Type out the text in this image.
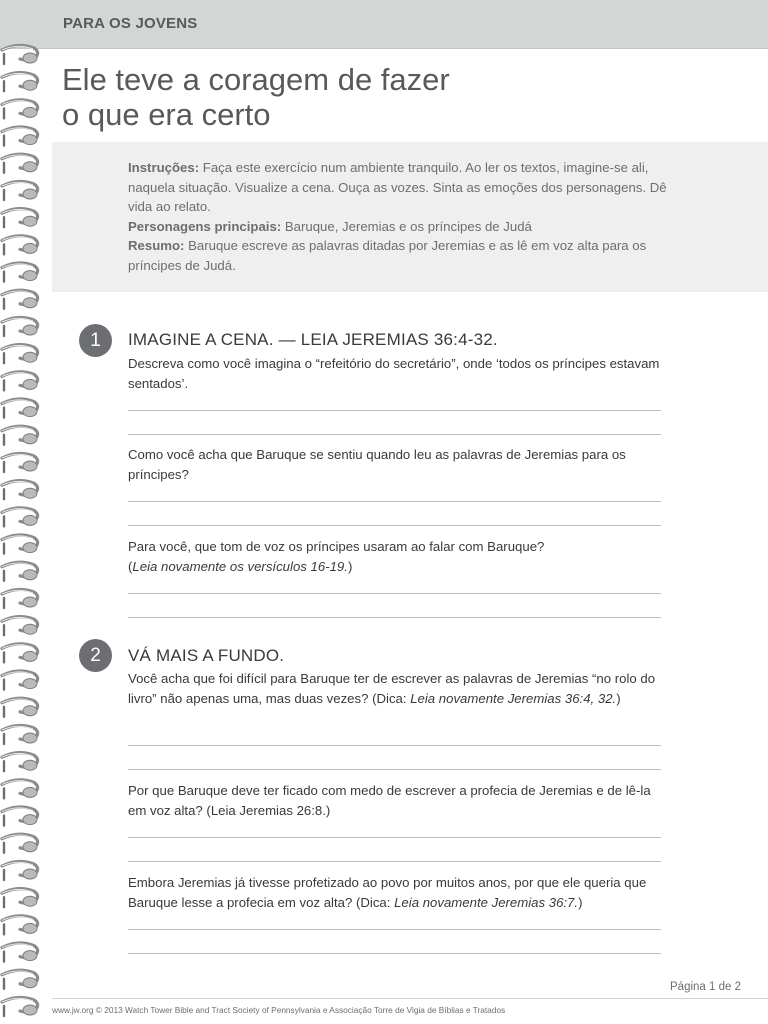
PARA OS JOVENS
Ele teve a coragem de fazer
o que era certo
Instruções: Faça este exercício num ambiente tranquilo. Ao ler os textos, imagine-se ali, naquela situação. Visualize a cena. Ouça as vozes. Sinta as emoções dos personagens. Dê vida ao relato.
Personagens principais: Baruque, Jeremias e os príncipes de Judá
Resumo: Baruque escreve as palavras ditadas por Jeremias e as lê em voz alta para os príncipes de Judá.
1	IMAGINE A CENA. — LEIA JEREMIAS 36:4-32.
Descreva como você imagina o “refeitório do secretário”, onde ‘todos os príncipes estavam sentados’.
Como você acha que Baruque se sentiu quando leu as palavras de Jeremias para os príncipes?
Para você, que tom de voz os príncipes usaram ao falar com Baruque?
(Leia novamente os versículos 16-19.)
2	VÁ MAIS A FUNDO.
Você acha que foi difícil para Baruque ter de escrever as palavras de Jeremias “no rolo do livro” não apenas uma, mas duas vezes? (Dica: Leia novamente Jeremias 36:4, 32.)
Por que Baruque deve ter ficado com medo de escrever a profecia de Jeremias e de lê-la em voz alta? (Leia Jeremias 26:8.)
Embora Jeremias já tivesse profetizado ao povo por muitos anos, por que ele queria que Baruque lesse a profecia em voz alta? (Dica: Leia novamente Jeremias 36:7.)
Página 1 de 2
www.jw.org © 2013 Watch Tower Bible and Tract Society of Pennsylvania e Associação Torre de Vigia de Bíblias e Tratados
